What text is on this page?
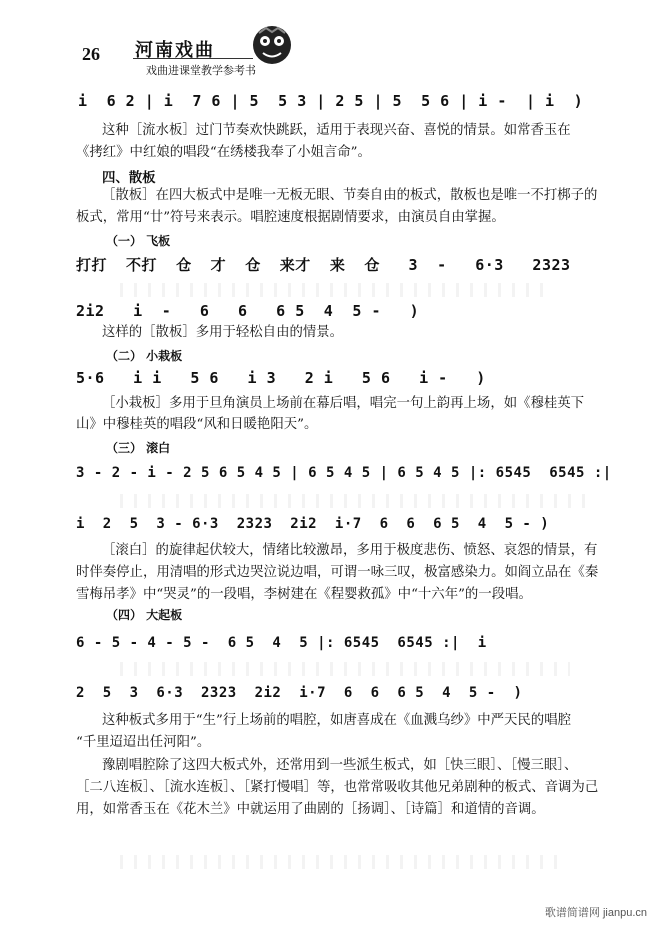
26 河南戏曲
戏曲进课堂教学参考书
i  6 2 | i  7 6 | 5  5 3 | 2 5 | 5  5 6 | i -  | i  )
这种［流水板］过门节奏欢快跳跃，适用于表现兴奋、喜悦的情景。如常香玉在
《拷红》中红娘的唱段“在绣楼我奉了小姐言命”。
四、散板
［散板］在四大板式中是唯一无板无眼、节奏自由的板式，散板也是唯一不打梆子的
板式，常用“廿”符号来表示。唱腔速度根据剧情要求，由演员自由掌握。
（一） 飞板
打打  不打  仓  才  仓  来才  来  仓   3  -   6·3   2323
2i2   i  -   6   6   6 5  4  5 -   )
这样的［散板］多用于轻松自由的情景。
（二） 小栽板
5·6   i i   5 6   i 3   2 i   5 6   i -   )
［小栽板］多用于旦角演员上场前在幕后唱，唱完一句上韵再上场，如《穆桂英下
山》中穆桂英的唱段“风和日暖艳阳天”。
（三） 滚白
3 - 2 - i - 2 5 6 5 4 5 | 6 5 4 5 | 6 5 4 5 |: 6545  6545 :|
i  2  5  3 - 6·3  2323  2i2  i·7  6  6  6 5  4  5 - )
［滚白］的旋律起伏较大，情绪比较激昂，多用于极度悲伤、愤怒、哀怨的情景，有
时伴奏停止，用清唱的形式边哭泣说边唱，可谓一咏三叹，极富感染力。如阎立品在《秦
雪梅吊孝》中“哭灵”的一段唱，李树建在《程婴救孤》中“十六年”的一段唱。
（四） 大起板
6 - 5 - 4 - 5 -  6 5  4  5 |: 6545  6545 :|  i
2  5  3  6·3  2323  2i2  i·7  6  6  6 5  4  5 -  )
这种板式多用于“生”行上场前的唱腔，如唐喜成在《血溅乌纱》中严天民的唱腔
“千里迢迢出任河阳”。
豫剧唱腔除了这四大板式外，还常用到一些派生板式，如［快三眼］、［慢三眼］、
［二八连板］、［流水连板］、［紧打慢唱］等，也常常吸收其他兄弟剧种的板式、音调为己
用，如常香玉在《花木兰》中就运用了曲剧的［扬调］、［诗篇］和道情的音调。
歌谱简谱网 jianpu.cn
